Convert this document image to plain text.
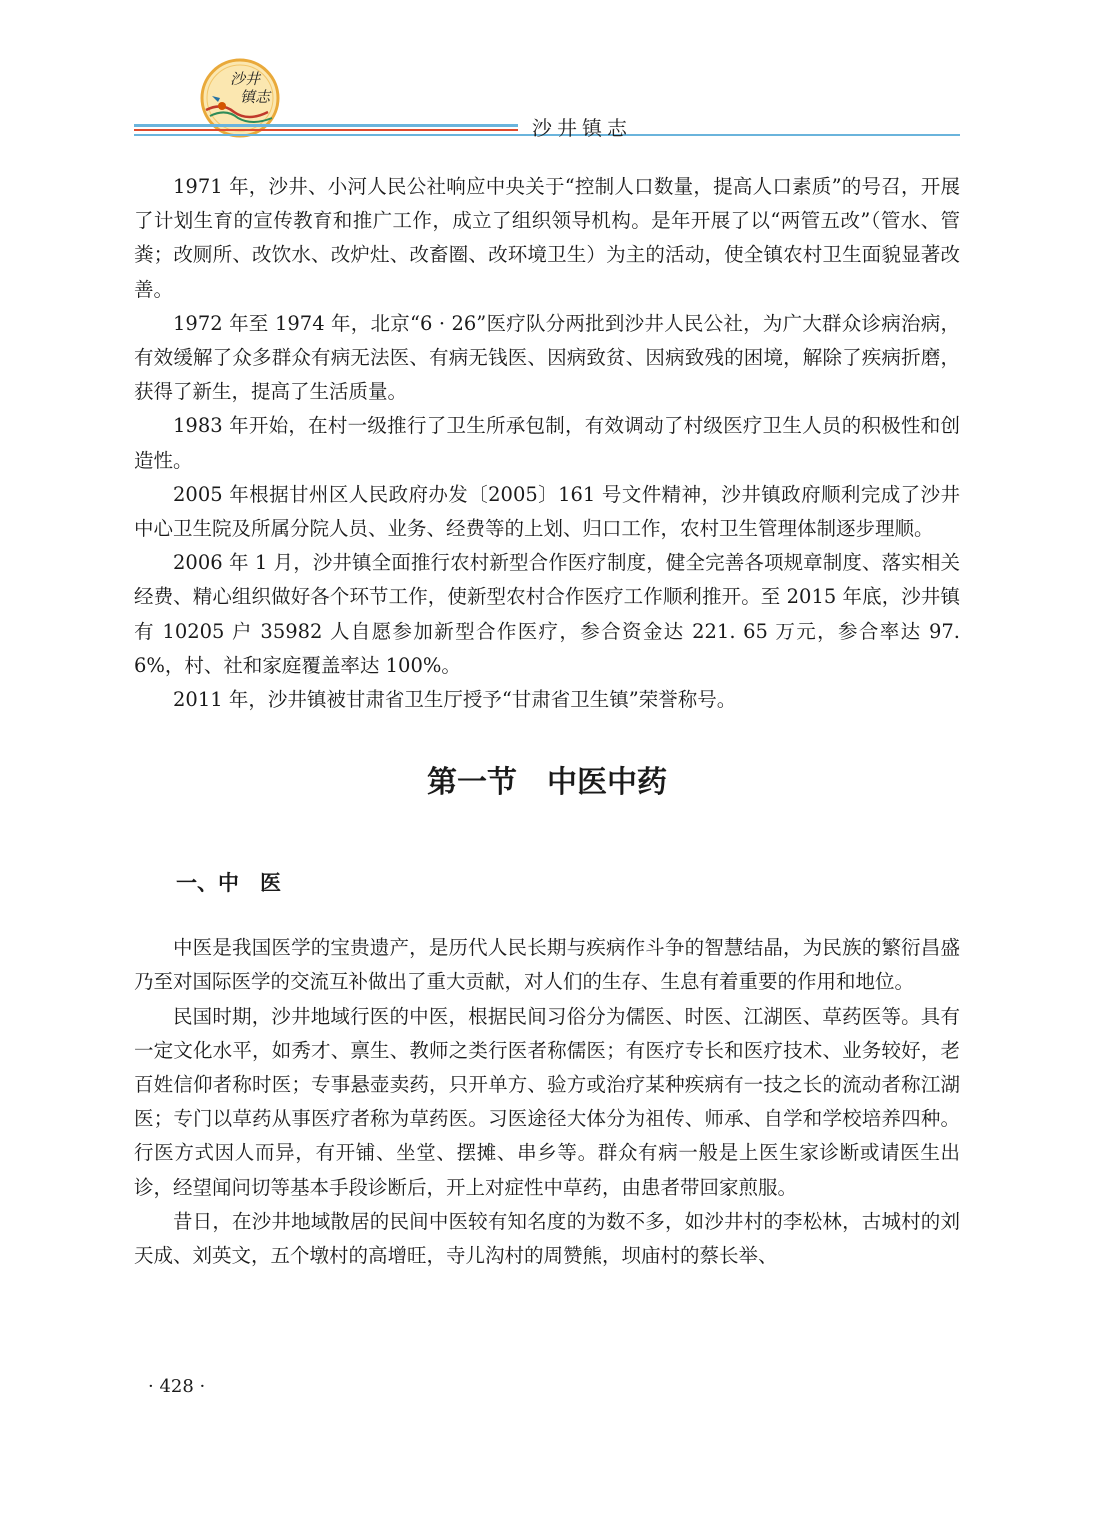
沙井
镇志
沙井镇志

1971 年，沙井、小河人民公社响应中央关于“控制人口数量，提高人口素质”的号召，开展了计划生育的宣传教育和推广工作，成立了组织领导机构。是年开展了以“两管五改”（管水、管粪；改厕所、改饮水、改炉灶、改畜圈、改环境卫生）为主的活动，使全镇农村卫生面貌显著改善。

1972 年至 1974 年，北京“6 · 26”医疗队分两批到沙井人民公社，为广大群众诊病治病，有效缓解了众多群众有病无法医、有病无钱医、因病致贫、因病致残的困境，解除了疾病折磨，获得了新生，提高了生活质量。

1983 年开始，在村一级推行了卫生所承包制，有效调动了村级医疗卫生人员的积极性和创造性。

2005 年根据甘州区人民政府办发〔2005〕161 号文件精神，沙井镇政府顺利完成了沙井中心卫生院及所属分院人员、业务、经费等的上划、归口工作，农村卫生管理体制逐步理顺。

2006 年 1 月，沙井镇全面推行农村新型合作医疗制度，健全完善各项规章制度、落实相关经费、精心组织做好各个环节工作，使新型农村合作医疗工作顺利推开。至 2015 年底，沙井镇有 10205 户 35982 人自愿参加新型合作医疗，参合资金达 221. 65 万元，参合率达 97. 6%，村、社和家庭覆盖率达 100%。

2011 年，沙井镇被甘肃省卫生厅授予“甘肃省卫生镇”荣誉称号。

第一节　中医中药
一、中　医

中医是我国医学的宝贵遗产，是历代人民长期与疾病作斗争的智慧结晶，为民族的繁衍昌盛乃至对国际医学的交流互补做出了重大贡献，对人们的生存、生息有着重要的作用和地位。

民国时期，沙井地域行医的中医，根据民间习俗分为儒医、时医、江湖医、草药医等。具有一定文化水平，如秀才、禀生、教师之类行医者称儒医；有医疗专长和医疗技术、业务较好，老百姓信仰者称时医；专事悬壶卖药，只开单方、验方或治疗某种疾病有一技之长的流动者称江湖医；专门以草药从事医疗者称为草药医。习医途径大体分为祖传、师承、自学和学校培养四种。行医方式因人而异，有开铺、坐堂、摆摊、串乡等。群众有病一般是上医生家诊断或请医生出诊，经望闻问切等基本手段诊断后，开上对症性中草药，由患者带回家煎服。

昔日，在沙井地域散居的民间中医较有知名度的为数不多，如沙井村的李松林，古城村的刘天成、刘英文，五个墩村的高增旺，寺儿沟村的周赞熊，坝庙村的蔡长举、

· 428 ·
